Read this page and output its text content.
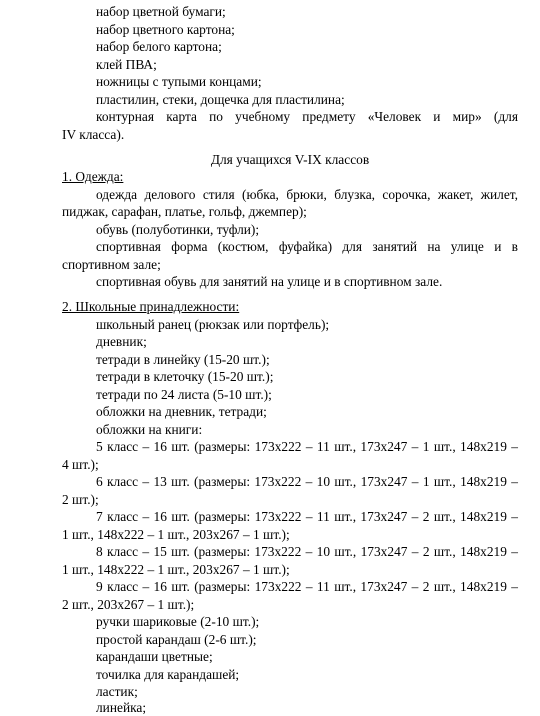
набор цветной бумаги;
набор цветного картона;
набор белого картона;
клей ПВА;
ножницы с тупыми концами;
пластилин, стеки, дощечка для пластилина;
контурная карта по учебному предмету «Человек и мир» (для
IV класса).
Для учащихся V-IX классов
1. Одежда:
одежда делового стиля (юбка, брюки, блузка, сорочка, жакет, жилет,
пиджак, сарафан, платье, гольф, джемпер);
обувь (полуботинки, туфли);
спортивная форма (костюм, фуфайка) для занятий на улице и в
спортивном зале;
спортивная обувь для занятий на улице и в спортивном зале.
2. Школьные принадлежности:
школьный ранец (рюкзак или портфель);
дневник;
тетради в линейку (15-20 шт.);
тетради в клеточку (15-20 шт.);
тетради по 24 листа (5-10 шт.);
обложки на дневник, тетради;
обложки на книги:
5 класс – 16 шт. (размеры: 173x222 – 11 шт., 173x247 – 1 шт., 148x219 –
4 шт.);
6 класс – 13 шт. (размеры: 173x222 – 10 шт., 173x247 – 1 шт., 148x219 –
2 шт.);
7 класс – 16 шт. (размеры: 173x222 – 11 шт., 173x247 – 2 шт., 148x219 –
1 шт., 148x222 – 1 шт., 203x267 – 1 шт.);
8 класс – 15 шт. (размеры: 173x222 – 10 шт., 173x247 – 2 шт., 148x219 –
1 шт., 148x222 – 1 шт., 203x267 – 1 шт.);
9 класс – 16 шт. (размеры: 173x222 – 11 шт., 173x247 – 2 шт., 148x219 –
2 шт., 203x267 – 1 шт.);
ручки шариковые (2-10 шт.);
простой карандаш (2-6 шт.);
карандаши цветные;
точилка для карандашей;
ластик;
линейка;
